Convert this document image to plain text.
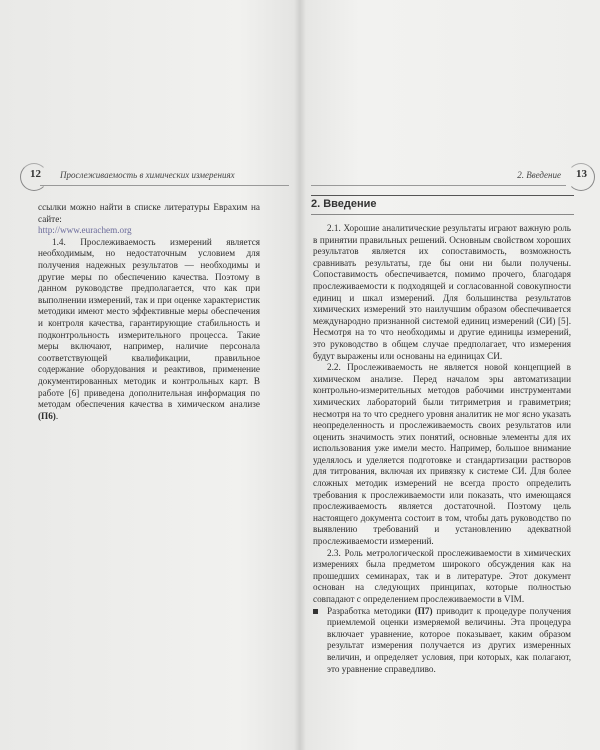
12 Прослеживаемость в химических измерениях

ссылки можно найти в списке литературы Еврахим на сайте:
http://www.eurachem.org

1.4. Прослеживаемость измерений является необходимым, но недостаточным условием для получения надежных результатов — необходимы и другие меры по обеспечению качества. Поэтому в данном руководстве предполагается, что как при выполнении измерений, так и при оценке характеристик методики имеют место эффективные меры обеспечения и контроля качества, гарантирующие стабильность и подконтрольность измерительного процесса. Такие меры включают, например, наличие персонала соответствующей квалификации, правильное содержание оборудования и реактивов, применение документированных методик и контрольных карт. В работе [6] приведена дополнительная информация по методам обеспечения качества в химическом анализе (П6).

2. Введение 13
2. Введение

2.1. Хорошие аналитические результаты играют важную роль в принятии правильных решений. Основным свойством хороших результатов является их сопоставимость, возможность сравнивать результаты, где бы они ни были получены. Сопоставимость обеспечивается, помимо прочего, благодаря прослеживаемости к подходящей и согласованной совокупности единиц и шкал измерений. Для большинства результатов химических измерений это наилучшим образом обеспечивается международно признанной системой единиц измерений (СИ) [5]. Несмотря на то что необходимы и другие единицы измерений, это руководство в общем случае предполагает, что измерения будут выражены или основаны на единицах СИ.

2.2. Прослеживаемость не является новой концепцией в химическом анализе. Перед началом эры автоматизации контрольно-измерительных методов рабочими инструментами химических лабораторий были титриметрия и гравиметрия; несмотря на то что среднего уровня аналитик не мог ясно указать неопределенность и прослеживаемость своих результатов или оценить значимость этих понятий, основные элементы для их использования уже имели место. Например, большое внимание уделялось и уделяется подготовке и стандартизации растворов для титрования, включая их привязку к системе СИ. Для более сложных методик измерений не всегда просто определить требования к прослеживаемости или показать, что имеющаяся прослеживаемость является достаточной. Поэтому цель настоящего документа состоит в том, чтобы дать руководство по выявлению требований и установлению адекватной прослеживаемости измерений.

2.3. Роль метрологической прослеживаемости в химических измерениях была предметом широкого обсуждения как на прошедших семинарах, так и в литературе. Этот документ основан на следующих принципах, которые полностью совпадают с определением прослеживаемости в VIM.

Разработка методики (П7) приводит к процедуре получения приемлемой оценки измеряемой величины. Эта процедура включает уравнение, которое показывает, каким образом результат измерения получается из других измеренных величин, и определяет условия, при которых, как полагают, это уравнение справедливо.
